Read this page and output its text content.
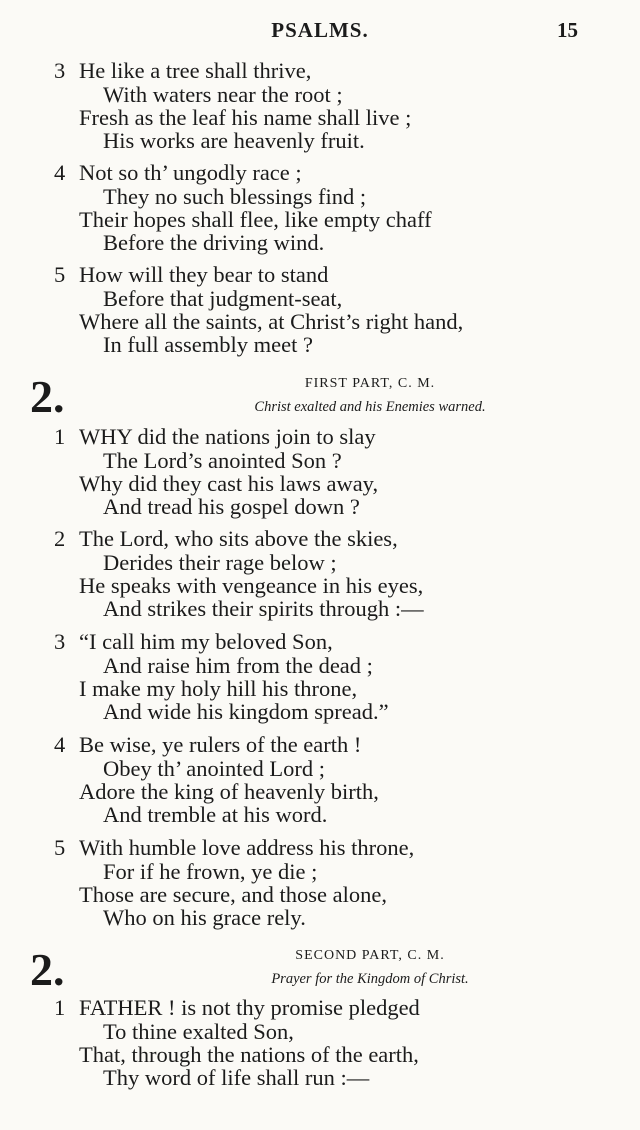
PSALMS.	15
3 He like a tree shall thrive,
With waters near the root ;
Fresh as the leaf his name shall live ;
His works are heavenly fruit.
4 Not so th’ ungodly race ;
They no such blessings find ;
Their hopes shall flee, like empty chaff
Before the driving wind.
5 How will they bear to stand
Before that judgment-seat,
Where all the saints, at Christ’s right hand,
In full assembly meet ?
2.	FIRST PART, C. M.
Christ exalted and his Enemies warned.
1 WHY did the nations join to slay
The Lord’s anointed Son ?
Why did they cast his laws away,
And tread his gospel down ?
2 The Lord, who sits above the skies,
Derides their rage below ;
He speaks with vengeance in his eyes,
And strikes their spirits through :—
3 “I call him my beloved Son,
And raise him from the dead ;
I make my holy hill his throne,
And wide his kingdom spread.”
4 Be wise, ye rulers of the earth !
Obey th’ anointed Lord ;
Adore the king of heavenly birth,
And tremble at his word.
5 With humble love address his throne,
For if he frown, ye die ;
Those are secure, and those alone,
Who on his grace rely.
2.	SECOND PART, C. M.
Prayer for the Kingdom of Christ.
1 FATHER ! is not thy promise pledged
To thine exalted Son,
That, through the nations of the earth,
Thy word of life shall run :—
